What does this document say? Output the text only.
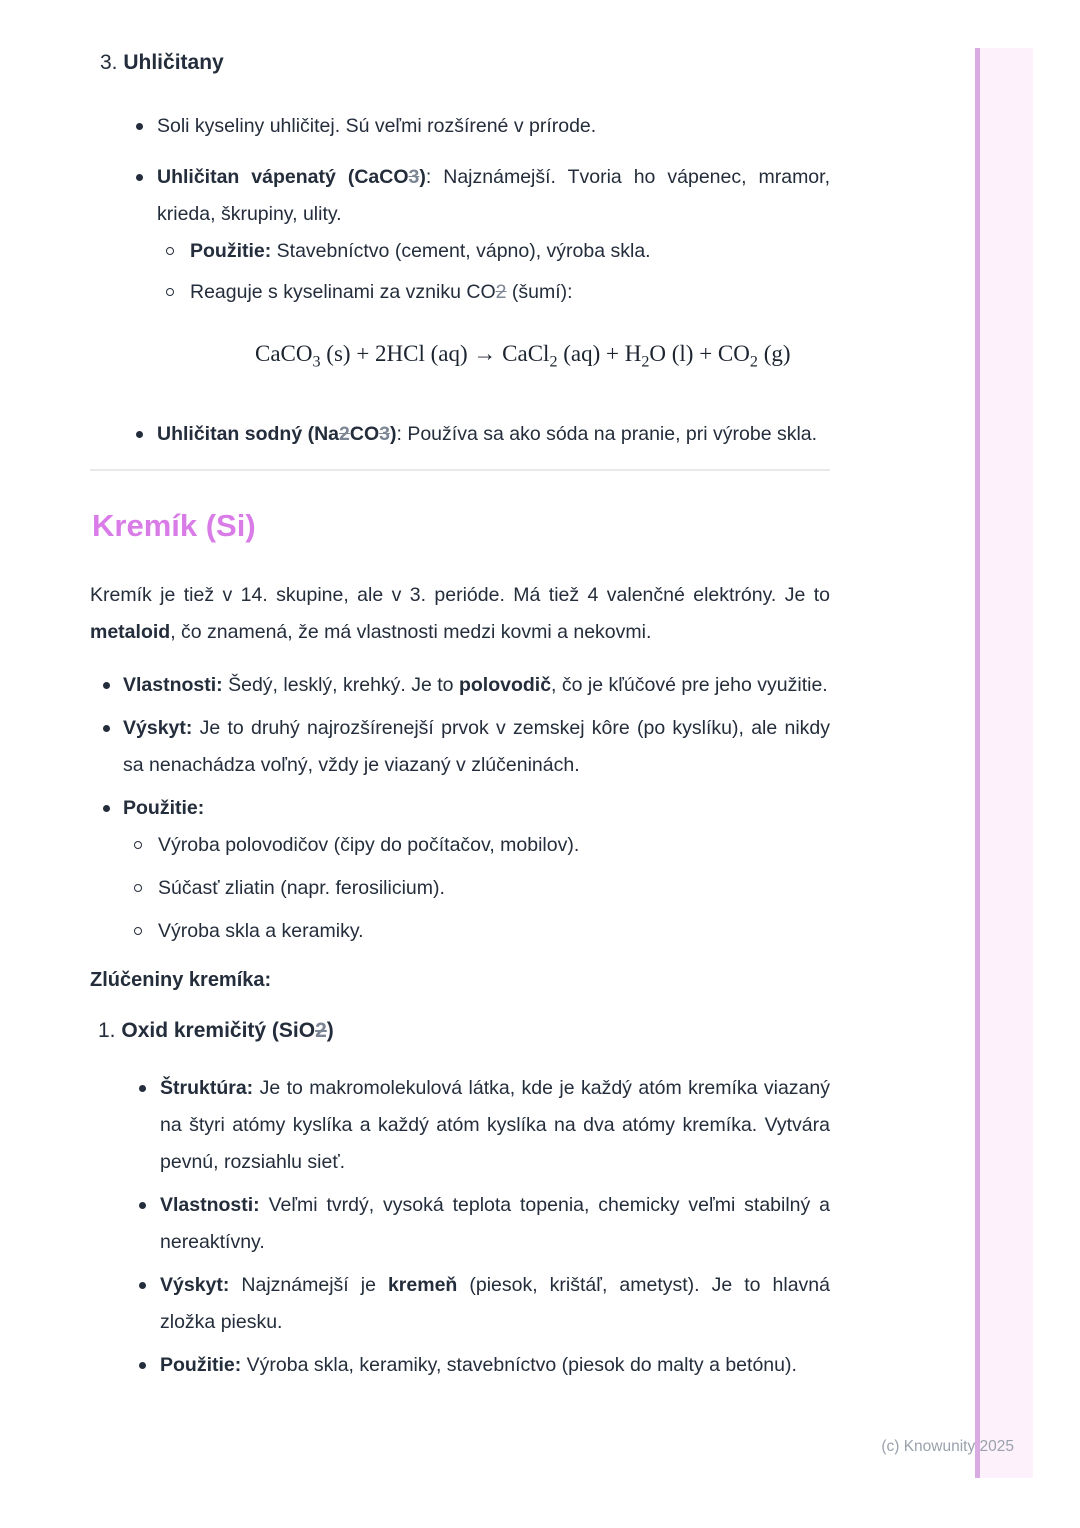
3. Uhličitany
Soli kyseliny uhličitej. Sú veľmi rozšírené v prírode.
Uhličitan vápenatý (CaCO3): Najznámejší. Tvoria ho vápenec, mramor, krieda, škrupiny, ulity.
Použitie: Stavebníctvo (cement, vápno), výroba skla.
Reaguje s kyselinami za vzniku CO2 (šumí):
CaCO$_3$ (s) + 2HCl (aq) → CaCl$_2$ $(aq) + H_2O$ $(l) + CO_2$ (g)
Uhličitan sodný (Na2CO3): Používa sa ako sóda na pranie, pri výrobe skla.
Kremík (Si)

Kremík je tiež v 14. skupine, ale v 3. perióde. Má tiež 4 valenčné elektróny. Je to metaloid, čo znamená, že má vlastnosti medzi kovmi a nekovmi.

Vlastnosti: Šedý, lesklý, krehký. Je to polovodič, čo je kľúčové pre jeho využitie.
Výskyt: Je to druhý najrozšírenejší prvok v zemskej kôre (po kyslíku), ale nikdy sa nenachádza voľný, vždy je viazaný v zlúčeninách.
Použitie:
Výroba polovodičov (čipy do počítačov, mobilov).
Súčasť zliatin (napr. ferosilicium).
Výroba skla a keramiky.

Zlúčeniny kremíka:

1. Oxid kremičitý (SiO2)
Štruktúra: Je to makromolekulová látka, kde je každý atóm kremíka viazaný na štyri atómy kyslíka a každý atóm kyslíka na dva atómy kremíka. Vytvára pevnú, rozsiahlu sieť.
Vlastnosti: Veľmi tvrdý, vysoká teplota topenia, chemicky veľmi stabilný a nereaktívny.
Výskyt: Najznámejší je kremeň (piesok, krištáľ, ametyst). Je to hlavná zložka piesku.
Použitie: Výroba skla, keramiky, stavebníctvo (piesok do malty a betónu).
(c) Knowunity 2025
